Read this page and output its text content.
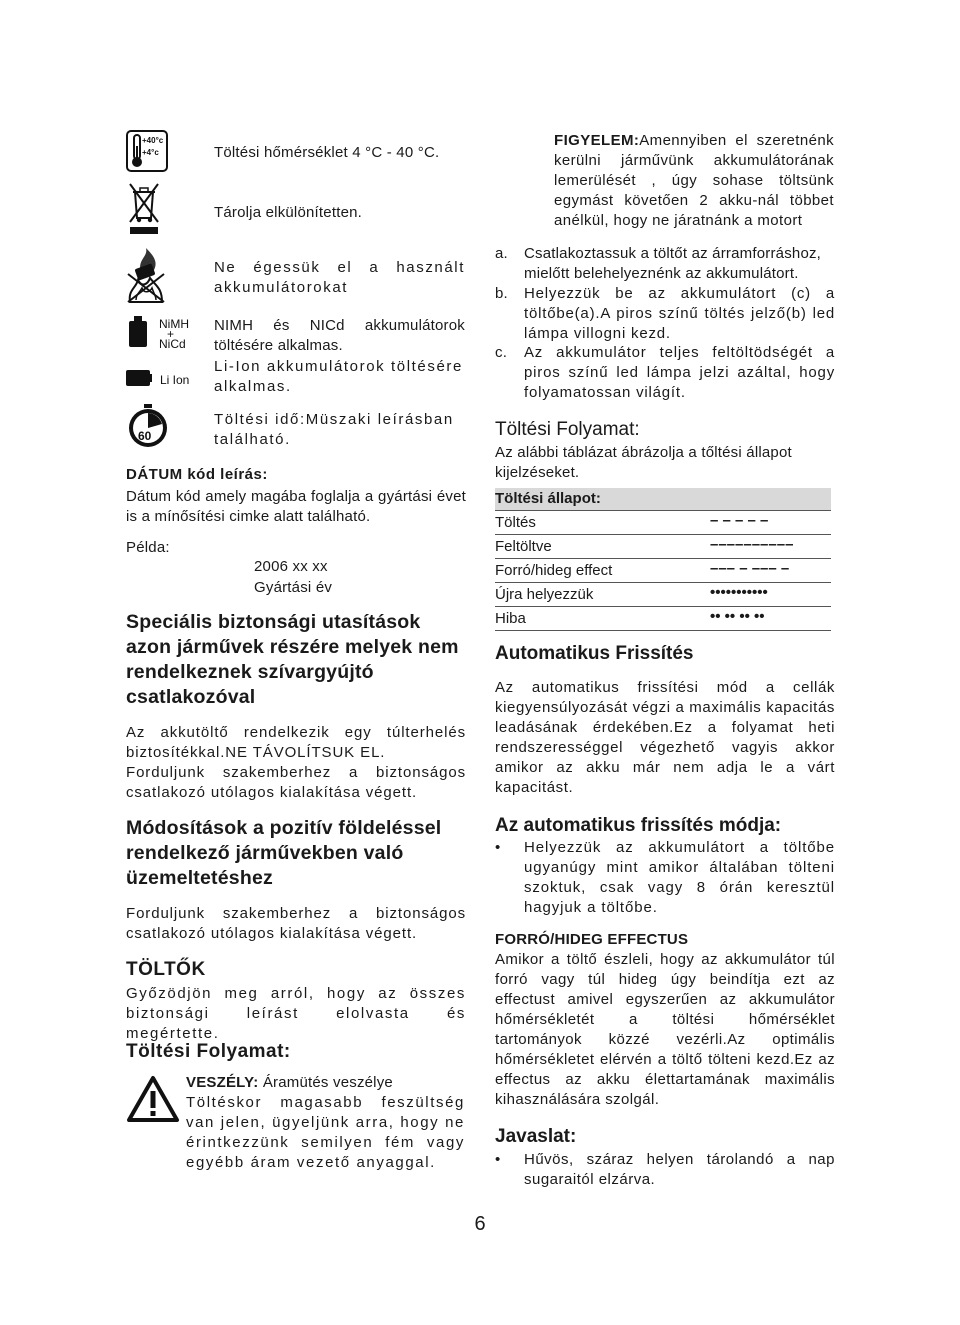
+40°c
+4°c	Töltési hőmérséklet 4 °C - 40 °C.

Tárolja elkülönítetten.

Ne égessük el a használt akkumulátorokat

NiMH
+
NiCd

NIMH és NICd akkumulátorok töltésére alkalmas.

Li Ion

Li-Ion akkumulátorok töltésére alkalmas.

60

Töltési idő:Müszaki leírásban található.

DÁTUM kód leírás:

Dátum kód amely magába foglalja a gyártási évet is a mínősítési cimke alatt található.

Példa:

2006 xx xx

Gyártási év

Speciális biztonsági utasítások azon járművek részére melyek nem rendelkeznek szívargyújtó csatlakozóval

Az akkutöltő rendelkezik egy túlterhelés biztosítékkal.NE TÁVOLÍTSUK EL.

Forduljunk szakemberhez a biztonságos csatlakozó utólagos kialakítása végett.

Módosítások a pozitív földeléssel rendelkező járművekben való üzemeltetéshez

Forduljunk szakemberhez a biztonságos csatlakozó utólagos kialakítása végett.

TÖLTŐK

Győzödjön meg arról, hogy az összes biztonsági leírást elolvasta és megértette.

Töltési Folyamat:

VESZÉLY: Áramütés veszélye

Töltéskor magasabb feszültség van jelen, ügyeljünk arra, hogy ne érintkezzünk semilyen fém vagy egyébb áram vezető anyaggal.

FIGYELEM:Amennyiben el szeretnénk kerülni járművünk akkumulátorának lemerülését , úgy sohase töltsünk egymást követően 2 akku-nál többet anélkül, hogy ne járatnánk a motort

a.	Csatlakoztassuk a töltőt az árramforráshoz, mielőtt belehelyeznénk az akkumulátort.

b.	Helyezzük be az akkumulátort (c) a töltőbe(a).A piros színű töltés jelző(b) led lámpa villogni kezd.

c.	Az akkumulátor teljes feltöltödségét a piros színű led lámpa jelzi azáltal, hogy folyamatossan világít.

Töltési Folyamat:

Az alábbi táblázat ábrázolja a tőltési állapot kijelzéseket.

Töltési állapot:
Töltés	– – – – –
Feltöltve	––––––––––
Forró/hideg effect	––– – ––– –
Újra helyezzük	•••••••••••
Hiba	•• •• •• ••
Automatikus Frissítés

Az automatikus frissítési mód a cellák kiegyensúlyozását végzi a maximális kapacitás leadásának érdekében.Ez a folyamat heti rendszerességgel végezhető vagyis akkor amikor az akku már nem adja le a várt kapacitást.

Az automatikus frissítés módja:
• Helyezzük az akkumulátort a töltőbe ugyanúgy mint amikor általában tölteni szoktuk, csak vagy 8 órán keresztül hagyjuk a töltőbe.
FORRÓ/HIDEG EFFECTUS

Amikor a töltő észleli, hogy az akkumulátor túl forró vagy túl hideg úgy beindítja ezt az effectust amivel egyszerűen az akkumulátor hőmérsékletét a töltési hőmérséklet tartományok közzé vezérli.Az optimális hőmérsékletet elérvén a töltő tölteni kezd.Ez az effectus az akku élettartamának maximális kihasználására szolgál.

Javaslat:
• Hűvös, száraz helyen tárolandó a nap sugaraitól elzárva.
6
